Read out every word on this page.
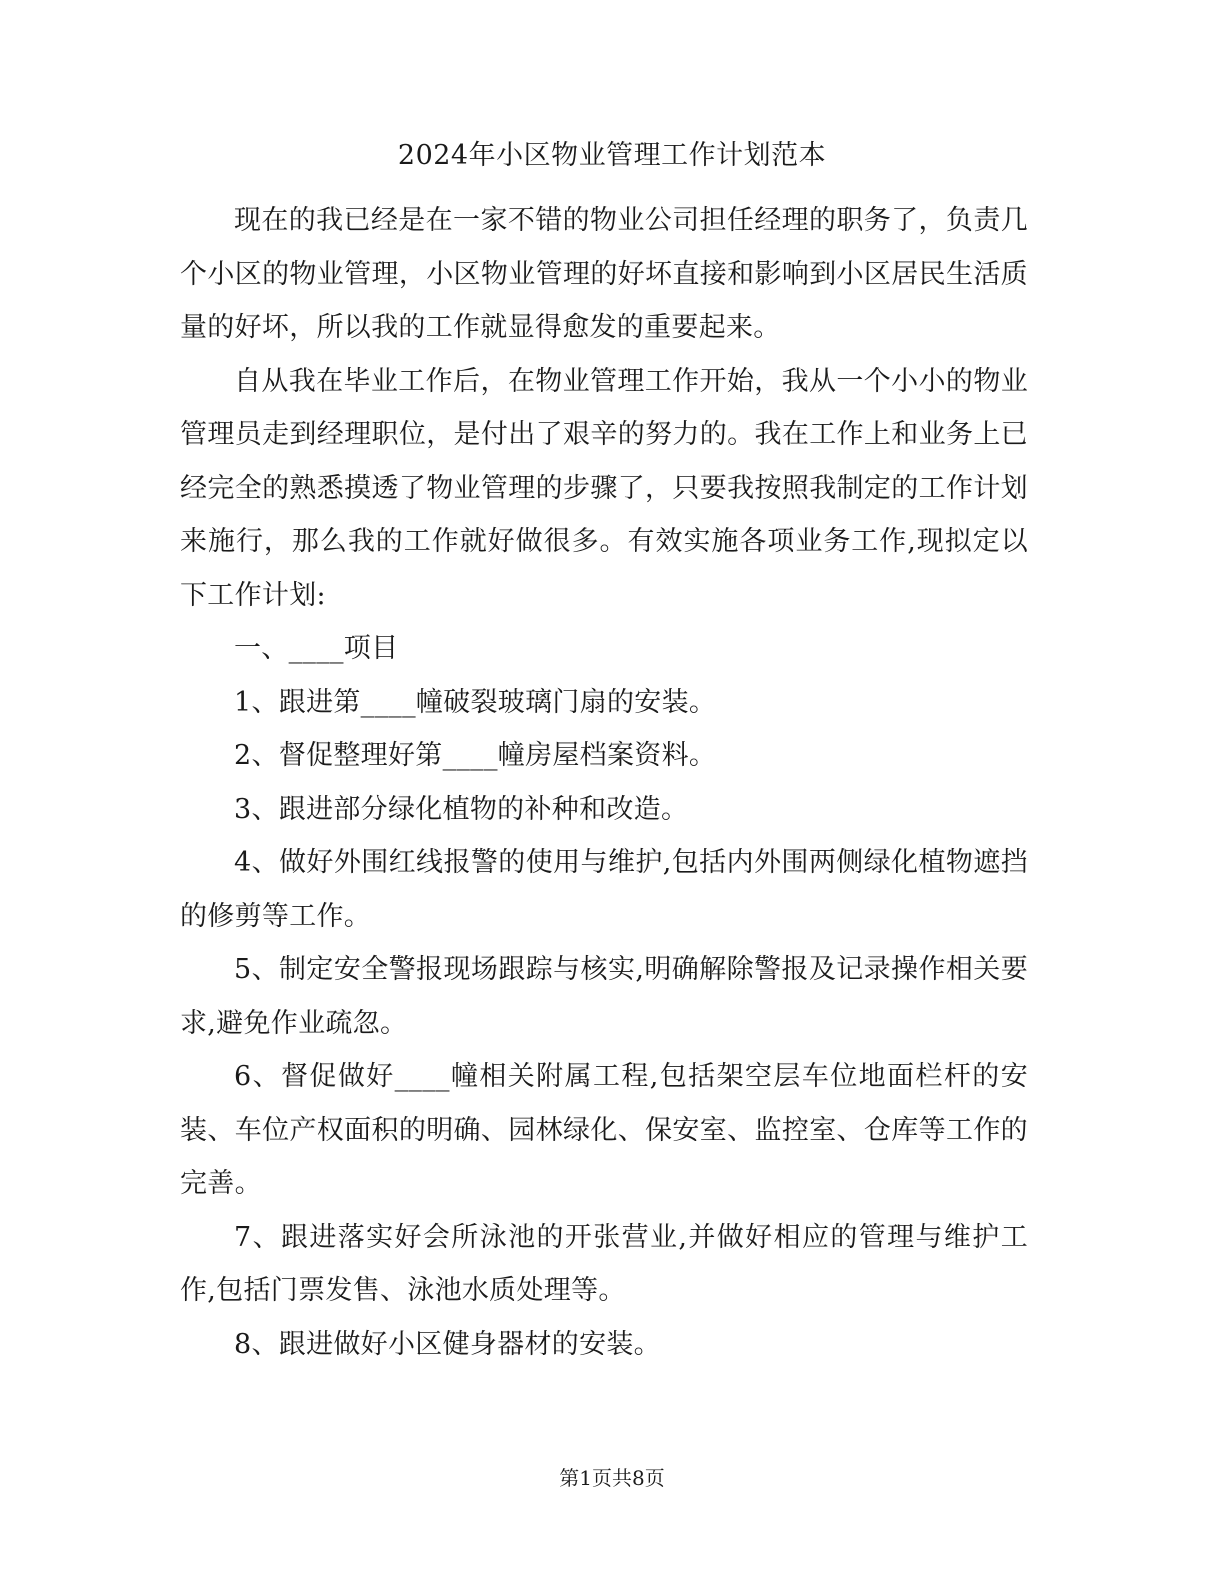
2024年小区物业管理工作计划范本

现在的我已经是在一家不错的物业公司担任经理的职务了，负责几个小区的物业管理，小区物业管理的好坏直接和影响到小区居民生活质量的好坏，所以我的工作就显得愈发的重要起来。

自从我在毕业工作后，在物业管理工作开始，我从一个小小的物业管理员走到经理职位，是付出了艰辛的努力的。我在工作上和业务上已经完全的熟悉摸透了物业管理的步骤了，只要我按照我制定的工作计划来施行，那么我的工作就好做很多。有效实施各项业务工作,现拟定以下工作计划:

一、____项目

1、跟进第____幢破裂玻璃门扇的安装。

2、督促整理好第____幢房屋档案资料。

3、跟进部分绿化植物的补种和改造。

4、做好外围红线报警的使用与维护,包括内外围两侧绿化植物遮挡的修剪等工作。

5、制定安全警报现场跟踪与核实,明确解除警报及记录操作相关要求,避免作业疏忽。

6、督促做好____幢相关附属工程,包括架空层车位地面栏杆的安装、车位产权面积的明确、园林绿化、保安室、监控室、仓库等工作的完善。

7、跟进落实好会所泳池的开张营业,并做好相应的管理与维护工作,包括门票发售、泳池水质处理等。

8、跟进做好小区健身器材的安装。

第1页共8页
